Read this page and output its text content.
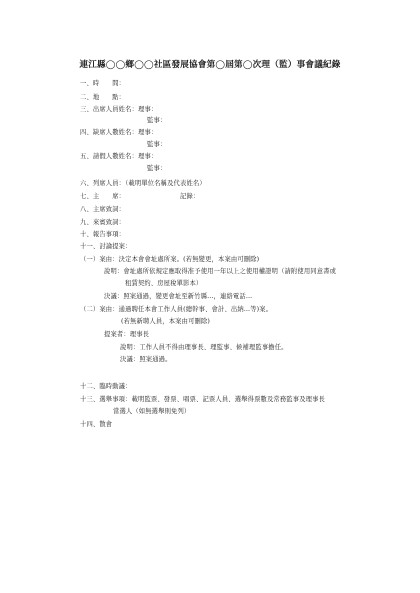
連江縣◯◯鄉◯◯社區發展協會第◯屆第◯次理（監）事會議紀錄
一、時　　間：
二、地　　點：
三、出席人員姓名：理事：
監事：
四、缺席人數姓名：理事：
監事：
五、請假人數姓名：理事：
監事：
六、列席人員：（載明單位名稱及代表姓名）
七、主　　席：	記錄：
八、主席致詞：
九、來賓致詞：
十、報告事項：
十一、討論提案：
（一）案由：決定本會會址處所案。(若無變更，本案由可刪除)
說明：會址處所依規定應取得准予使用一年以上之使用權證明（請附使用同意書或
租賃契約、房屋稅單影本）
決議：照案通過，變更會址至新竹縣…，連絡電話…
（二）案由：通過聘任本會工作人員(總幹事、會計、出納…等)案。
(若無新聘人員，本案由可刪除)
提案者：理事長
說明：工作人員不得由理事長、理監事、候補理監事擔任。
決議：照案通過。
十二、臨時動議：
十三、選舉事項：載明監票、發票、唱票、記票人員、選舉得票數及常務監事及理事長
當選人（如無選舉則免列）
十四、散會
